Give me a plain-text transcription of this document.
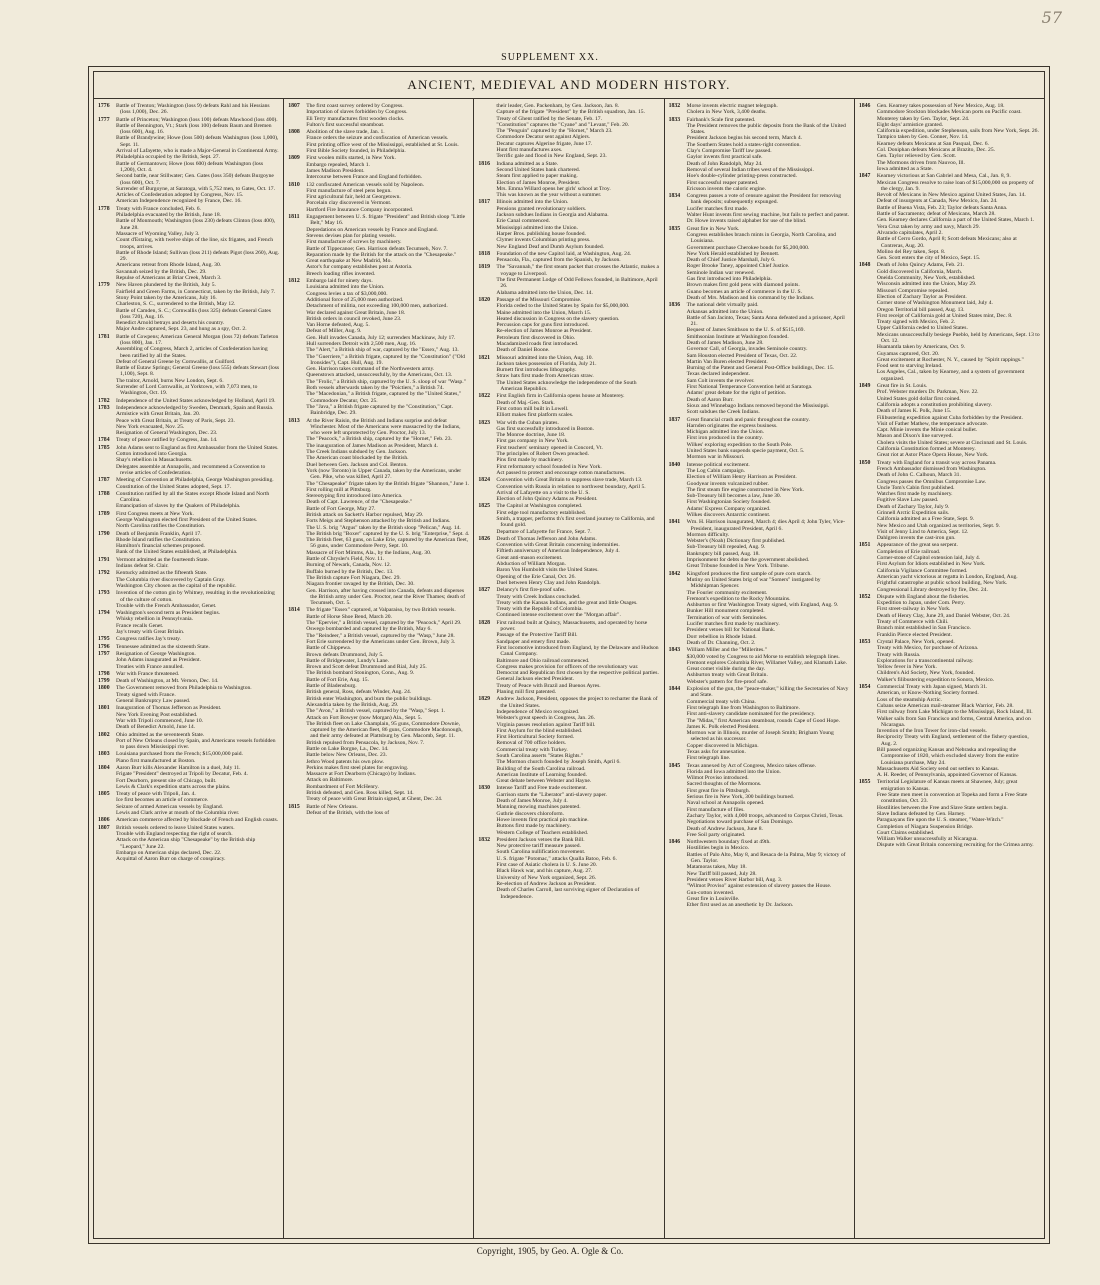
57
SUPPLEMENT XX.
ANCIENT, MEDIEVAL AND MODERN HISTORY.
1776	Battle of Trenton; Washington (loss 9) defeats Rahl and his Hessians (loss 1,000), Dec. 26.
1777	Battle of Princeton; Washington (loss 100) defeats Mawhood (loss 400).
Battle of Bennington, Vt.; Stark (loss 100) defeats Baum and Bremen (loss 600), Aug. 16.
Battle of Brandywine; Howe (loss 500) defeats Washington (loss 1,000), Sept. 11.
Arrival of Lafayette, who is made a Major-General in Continental Army.
Philadelphia occupied by the British, Sept. 27.
Battle of Germantown; Howe (loss 600) defeats Washington (loss 1,200), Oct. 4.
Second battle, near Stillwater; Gen. Gates (loss 350) defeats Burgoyne (loss 600), Oct. 7.
Surrender of Burgoyne, at Saratoga, with 5,752 men, to Gates, Oct. 17.
Articles of Confederation adopted by Congress, Nov. 15.
American Independence recognized by France, Dec. 16.
1778	Treaty with France concluded, Feb. 6.
Philadelphia evacuated by the British, June 18.
Battle of Monmouth; Washington (loss 230) defeats Clinton (loss 400), June 28.
Massacre of Wyoming Valley, July 3.
Count d'Estaing, with twelve ships of the line, six frigates, and French troops, arrives.
Battle of Rhode Island; Sullivan (loss 211) defeats Pigot (loss 260), Aug. 29.
Americans retreat from Rhode Island, Aug. 30.
Savannah seized by the British, Dec. 29.
Repulse of Americans at Briar Creek, March 3.
1779	New Haven plundered by the British, July 5.
Fairfield and Green Farms, in Connecticut, taken by the British, July 7.
Stony Point taken by the Americans, July 16.
Charleston, S. C., surrendered to the British, May 12.
Battle of Camden, S. C.; Cornwallis (loss 325) defeats General Gates (loss 720), Aug. 16.
Benedict Arnold betrays and deserts his country.
Major Andre captured, Sept. 23, and hung as a spy, Oct. 2.
1781	Battle of Cowpens; American General Morgan (loss 72) defeats Tarleton (loss 800), Jan. 17.
Assembling of Congress, March 2, articles of Confederation having been ratified by all the States.
Defeat of General Greene by Cornwallis, at Guilford.
Battle of Eutaw Springs; General Greene (loss 555) defeats Stewart (loss 1,100), Sept. 8.
The traitor, Arnold, burns New London, Sept. 6.
Surrender of Lord Cornwallis, at Yorktown, with 7,073 men, to Washington, Oct. 19.
1782	Independence of the United States acknowledged by Holland, April 19.
1783	Independence acknowledged by Sweden, Denmark, Spain and Russia.
Armistice with Great Britain, Jan. 20.
Peace with Great Britain, at Treaty of Paris, Sept. 23.
New York evacuated, Nov. 25.
Resignation of General Washington, Dec. 23.
1784	Treaty of peace ratified by Congress, Jan. 14.
1785	John Adams sent to England as first Ambassador from the United States.
Cotton introduced into Georgia.
Shay's rebellion in Massachusetts.
Delegates assemble at Annapolis, and recommend a Convention to revise articles of Confederation.
1787	Meeting of Convention at Philadelphia, George Washington presiding.
Constitution of the United States adopted, Sept. 17.
1788	Constitution ratified by all the States except Rhode Island and North Carolina.
Emancipation of slaves by the Quakers of Philadelphia.
1789	First Congress meets at New York.
George Washington elected first President of the United States.
North Carolina ratifies the Constitution.
1790	Death of Benjamin Franklin, April 17.
Rhode Island ratifies the Constitution.
Hamilton's financial schemes proposed.
Bank of the United States established, at Philadelphia.
1791	Vermont admitted as the fourteenth State.
Indians defeat St. Clair.
1792	Kentucky admitted as the fifteenth State.
The Columbia river discovered by Captain Gray.
Washington City chosen as the capital of the republic.
1793	Invention of the cotton gin by Whitney, resulting in the revolutionizing of the culture of cotton.
Trouble with the French Ambassador, Genet.
1794	Washington's second term as President begins.
Whisky rebellion in Pennsylvania.
France recalls Genet.
Jay's treaty with Great Britain.
1795	Congress ratifies Jay's treaty.
1796	Tennessee admitted as the sixteenth State.
1797	Resignation of George Washington.
John Adams inaugurated as President.
Treaties with France annulled.
1798	War with France threatened.
1799	Death of Washington, at Mt. Vernon, Dec. 14.
1800	The Government removed from Philadelphia to Washington.
Treaty signed with France.
General Bankruptcy Law passed.
1801	Inauguration of Thomas Jefferson as President.
New York Evening Post established.
War with Tripoli commenced, June 10.
Death of Benedict Arnold, June 14.
1802	Ohio admitted as the seventeenth State.
Port of New Orleans closed by Spain, and Americans vessels forbidden to pass down Mississippi river.
1803	Louisiana purchased from the French; $15,000,000 paid.
Piano first manufactured at Boston.
1804	Aaron Burr kills Alexander Hamilton in a duel, July 11.
Frigate "President" destroyed at Tripoli by Decatur, Feb. 4.
Fort Dearborn, present site of Chicago, built.
Lewis & Clark's expedition starts across the plains.
1805	Treaty of peace with Tripoli, Jan. 4.
Ice first becomes an article of commerce.
Seizure of armed American vessels by England.
Lewis and Clark arrive at mouth of the Columbia river.
1806	American commerce affected by blockade of French and English coasts.
1807	British vessels ordered to leave United States waters.
Trouble with England respecting the right of search.
Attack on the American ship "Chesapeake" by the British ship "Leopard," June 22.
Embargo on American ships declared, Dec. 22.
Acquittal of Aaron Burr on charge of conspiracy.
1807	The first coast survey ordered by Congress.
Importation of slaves forbidden by Congress.
Eli Terry manufactures first wooden clocks.
Fulton's first successful steamboat.
1808	Abolition of the slave trade, Jan. 1.
France orders the seizure and confiscation of American vessels.
First printing office west of the Mississippi, established at St. Louis.
First Bible Society founded, in Philadelphia.
1809	First woolen mills started, in New York.
Embargo repealed, March 1.
James Madison President.
Intercourse between France and England forbidden.
1810	132 confiscated American vessels sold by Napoleon.
First manufacture of steel pens begun.
First agricultural fair, held at Georgetown.
Porcelain clay discovered in Vermont.
Hartford Fire Insurance Company incorporated.
1811	Engagement between U. S. frigate "President" and British sloop "Little Belt," May 16.
Depredations on American vessels by France and England.
Stevens devises plan for plating vessels.
First manufacture of screws by machinery.
Battle of Tippecanoe; Gen. Harrison defeats Tecumseh, Nov. 7.
Reparation made by the British for the attack on the "Chesapeake."
Great earthquake at New Madrid, Mo.
Astor's fur company establishes post at Astoria.
Breech loading rifles invented.
1812	Embargo laid for ninety days.
Louisiana admitted into the Union.
Congress levies a tax of $3,000,000.
Additional force of 25,000 men authorized.
Detachment of militia, not exceeding 100,000 men, authorized.
War declared against Great Britain, June 18.
British orders in council revoked, June 23.
Van Horne defeated, Aug. 5.
Defeat of Miller, Aug. 9.
Gen. Hull invades Canada, July 12; surrenders Mackinaw, July 17.
Hull surrenders Detroit with 2,500 men, Aug. 16.
The "Alert," a British ship of war, captured by the "Essex," Aug. 13.
The "Guerriere," a British frigate, captured by the "Constitution" ("Old Ironsides"), Capt. Hull, Aug. 19.
Gen. Harrison takes command of the Northwestern army.
Queenstown attacked, unsuccessfully, by the Americans, Oct. 13.
The "Frolic," a British ship, captured by the U. S. sloop of war "Wasp."
Both vessels afterwards taken by the "Poictiers," a British 74.
The "Macedonian," a British frigate, captured by the "United States," Commodore Decatur, Oct. 25.
The "Java," a British frigate captured by the "Constitution," Capt. Bainbridge, Dec. 29.
1813	At the River Raisin, the British and Indians surprise and defeat Winchester. Most of the Americans were massacred by the Indians, who were left unprotected by Gen. Proctor, July 13.
The "Peacock," a British ship, captured by the "Hornet," Feb. 23.
The inauguration of James Madison as President, March 4.
The Creek Indians subdued by Gen. Jackson.
The American coast blockaded by the British.
Duel between Gen. Jackson and Col. Benton.
York (now Toronto) in Upper Canada, taken by the Americans, under Gen. Pike, who was killed, April 27.
The "Chesapeake" frigate taken by the British frigate "Shannon," June 1.
First rolling mill at Pittsburg.
Stereotyping first introduced into America.
Death of Capt. Lawrence, of the "Chesapeake."
Battle of Fort George, May 27.
British attack on Sackett's Harbor repulsed, May 29.
Forts Meigs and Stephenson attacked by the British and Indians.
The U. S. brig "Argus" taken by the British sloop "Pelican," Aug. 14.
The British brig "Boxer" captured by the U. S. brig "Enterprise," Sept. 4.
The British fleet, 63 guns, on Lake Erie, captured by the American fleet, 56 guns, under Commodore Perry, Sept. 10.
Massacre of Fort Mimms, Ala., by the Indians, Aug. 30.
Battle of Chrysler's Field, Nov. 11.
Burning of Newark, Canada, Nov. 12.
Buffalo burned by the British, Dec. 13.
The British capture Fort Niagara, Dec. 29.
Niagara frontier ravaged by the British, Dec. 30.
Gen. Harrison, after having crossed into Canada, defeats and disperses the British army under Gen. Proctor, near the River Thames; death of Tecumseh, Oct. 5.
1814	The frigate "Essex" captured, at Valparaiso, by two British vessels.
Battle of Horse Shoe Bend, March 20.
The "Epervier," a British vessel, captured by the "Peacock," April 29.
Oswego bombarded and captured by the British, May 6.
The "Reindeer," a British vessel, captured by the "Wasp," June 28.
Fort Erie surrendered by the Americans under Gen. Brown, July 3.
Battle of Chippewa.
Brown defeats Drummond, July 5.
Battle of Bridgewater, Lundy's Lane.
Brown and Scott defeat Drummond and Rial, July 25.
The British bombard Stonington, Conn., Aug. 9.
Battle of Fort Erie, Aug. 15.
Battle of Bladensburg.
British general, Ross, defeats Winder, Aug. 24.
British enter Washington, and burn the public buildings.
Alexandria taken by the British, Aug. 29.
The "Avon," a British vessel, captured by the "Wasp," Sept. 1.
Attack on Fort Bowyer (now Morgan) Ala., Sept. 5.
The British fleet on Lake Champlain, 95 guns, Commodore Downie, captured by the American fleet, 86 guns, Commodore Macdonough, and their army defeated at Plattsburg by Gen. Macomb, Sept. 11.
British repulsed from Pensacola, by Jackson, Nov. 7.
Battle on Lake Borgne, La., Dec. 14.
Battle below New Orleans, Dec. 23.
Jethro Wood patents his own plow.
Perkins makes first steel plates for engraving.
Massacre at Fort Dearborn (Chicago) by Indians.
Attack on Baltimore.
Bombardment of Fort McHenry.
British defeated, and Gen. Ross killed, Sept. 14.
Treaty of peace with Great Britain signed, at Ghent, Dec. 24.
1815	Battle of New Orleans.
Defeat of the British, with the loss of
their leader, Gen. Packenham, by Gen. Jackson, Jan. 8.
Capture of the frigate "President" by the British squadron, Jan. 15.
Treaty of Ghent ratified by the Senate, Feb. 17.
"Constitution" captures the "Cyane" and "Levant," Feb. 20.
The "Penguin" captured by the "Hornet," March 23.
Commodore Decatur sent against Algiers.
Decatur captures Algerine frigate, June 17.
Hunt first manufactures axes.
Terrific gale and flood in New England, Sept. 23.
1816	Indiana admitted as a State.
Second United States bank chartered.
Steam first applied to paper making.
Election of James Monroe, President.
Mrs. Emma Willard opens her girls' school at Troy.
This was known as the year without a summer.
1817	Illinois admitted into the Union.
Pensions granted revolutionary soldiers.
Jackson subdues Indians in Georgia and Alabama.
Erie Canal commenced.
Mississippi admitted into the Union.
Harper Bros. publishing house founded.
Clymer invents Columbian printing press.
New England Deaf and Dumb Asylum founded.
1818	Foundation of the new Capitol laid, at Washington, Aug. 24.
Pensacola, Fla., captured from the Spanish, by Jackson.
1819	The "Savannah," the first steam packet that crosses the Atlantic, makes a voyage to Liverpool.
The first Permanent Lodge of Odd Fellows founded, in Baltimore, April 26.
Alabama admitted into the Union, Dec. 14.
1820	Passage of the Missouri Compromise.
Florida ceded to the United States by Spain for $5,000,000.
Maine admitted into the Union, March 15.
Heated discussion in Congress on the slavery question.
Percussion caps for guns first introduced.
Re-election of James Monroe as President.
Petroleum first discovered in Ohio.
Macadamized roads first introduced.
Death of Daniel Boone.
1821	Missouri admitted into the Union, Aug. 10.
Jackson takes possession of Florida, July 21.
Burnett first introduces lithography.
Straw hats first made from American straw.
The United States acknowledge the independence of the South American Republics.
1822	First English firm in California opens house at Monterey.
Death of Maj.-Gen. Stark.
First cotton mill built in Lowell.
Elliott makes first platform scales.
1823	War with the Cuban pirates.
Gas first successfully introduced in Boston.
The Monroe doctrine, June 18.
First gas company in New York.
First teachers' seminary opened in Concord, Vt.
The principles of Robert Owen preached.
Pins first made by machinery.
First reformatory school founded in New York.
Act passed to protect and encourage cotton manufactures.
1824	Convention with Great Britain to suppress slave trade, March 13.
Convention with Russia in relation to northwest boundary, April 5.
Arrival of Lafayette on a visit to the U. S.
Election of John Quincy Adams as President.
1825	The Capitol at Washington completed.
First edge tool manufactory established.
Smith, a trapper, performs th's first overland journey to California, and found gold.
Departure of Lafayette for France, Sept. 7.
1826	Death of Thomas Jefferson and John Adams.
Convention with Great Britain concerning indemnities.
Fiftieth anniversary of American Independence, July 4.
Great anti-mason excitement.
Abduction of William Morgan.
Baron Von Humboldt visits the United States.
Opening of the Erie Canal, Oct. 26.
Duel between Henry Clay and John Randolph.
1827	Delancy's first fire-proof safes.
Treaty with Creek Indians concluded.
Treaty with the Kansas Indians, and the great and little Osages.
Treaty with the Republic of Colombia.
Continued intense excitement over the "Morgan affair".
1828	First railroad built at Quincy, Massachusetts, and operated by horse power.
Passage of the Protective Tariff Bill.
Sandpaper and emery first made.
First locomotive introduced from England, by the Delaware and Hudson Canal Company.
Baltimore and Ohio railroad commenced.
Congress makes provision for officers of the revolutionary war.
Democrat and Republican first chosen by the respective political parties.
General Jackson elected President.
Treaty of Peace with Brazil and Buenos Ayres.
Planing mill first patented.
1829	Andrew Jackson, President, opposes the project to recharter the Bank of the United States.
Independence of Mexico recognized.
Webster's great speech in Congress, Jan. 26.
Virginia passes resolution against Tariff bill.
First Asylum for the blind established.
First Horticultural Society formed.
Removal of 700 office holders.
Commercial treaty with Turkey.
South Carolina asserts "States Rights."
The Mormon church founded by Joseph Smith, April 6.
Building of the South Carolina railroad.
American Institute of Learning founded.
Great debate between Webster and Hayne.
1830	Intense Tariff and Free trade excitement.
Garrison starts the "Liberator" anti-slavery paper.
Death of James Monroe, July 4.
Manning mowing machines patented.
Guthrie discovers chloroform.
Howe invents first practical pin machine.
Buttons first made by machinery.
Western College of Teachers established.
1832	President Jackson vetoes the Bank Bill.
New protective tariff measure passed.
South Carolina nullification movement.
U. S. frigate "Potomac," attacks Qualla Batoo, Feb. 6.
First case of Asiatic cholera in U. S. June 20.
Black Hawk war, and his capture, Aug. 27.
University of New York organized, Sept. 26.
Re-election of Andrew Jackson as President.
Death of Charles Carroll, last surviving signer of Declaration of Independence.
1832	Morse invents electric magnet telegraph.
Cholera in New York, 3,400 deaths.
1833	Fairbank's Scale first patented.
The President removes the public deposits from the Bank of the United States.
President Jackson begins his second term, March 4.
The Southern States hold a states-right convention.
Clay's Compromise Tariff law passed.
Gaylor invents first practical safe.
Death of John Randolph, May 24.
Removal of several Indian tribes west of the Mississippi.
Hoe's double-cylinder printing-press constructed.
First successful reaper patented.
Ericsson invents the caloric engine.
1834	Congress passes a vote of censure against the President for removing bank deposits; subsequently expunged.
Lucifer matches first made.
Walter Hunt invents first sewing machine, but fails to perfect and patent.
Dr. Howe invents raised alphabet for use of the blind.
1835	Great fire in New York.
Congress establishes branch mints in Georgia, North Carolina, and Louisiana.
Government purchase Cherokee bonds for $5,200,000.
New York Herald established by Bennett.
Death of Chief Justice Marshall, July 6.
Roger Brooke Taney, appointed Chief Justice.
Seminole Indian war renewed.
Gas first introduced into Philadelphia.
Brown makes first gold pens with diamond points.
Guano becomes an article of commerce in the U. S.
Death of Mrs. Madison and his command by the Indians.
1836	The national debt virtually paid.
Arkansas admitted into the Union.
Battle of San Jacinto, Texas; Santa Anna defeated and a prisoner, April 21.
Bequest of James Smithson to the U. S. of $515,169.
Smithsonian Institute at Washington founded.
Death of James Madison, June 28.
Governor Call, of Georgia, invades Seminole country.
Sam Houston elected President of Texas, Oct. 22.
Martin Van Buren elected President.
Burning of the Patent and General Post-Office buildings, Dec. 15.
Texas declared independent.
Sam Colt invents the revolver.
First National Temperance Convention held at Saratoga.
Adams' great debate for the right of petition.
Death of Aaron Burr.
Sioux and Winnebago Indians removed beyond the Mississippi.
Scott subdues the Creek Indians.
1837	Great financial crash and panic throughout the country.
Harnden originates the express business.
Michigan admitted into the Union.
First iron produced in the country.
Wilkes' exploring expedition to the South Pole.
United States bank suspends specie payment, Oct. 5.
Mormon war in Missouri.
1840	Intense political excitement.
The Log Cabin campaign.
Election of William Henry Harrison as President.
Goodyear invents vulcanized rubber.
The first steam fire engine constructed in New York.
Sub-Treasury bill becomes a law, June 30.
First Washingtonian Society founded.
Adams' Express Company organized.
Wilkes discovers Antarctic continent.
1841	Wm. H. Harrison inaugurated, March 4; dies April 4; John Tyler, Vice-President, inaugurated President, April 6.
Mormon difficulty.
Webster's (Noah) Dictionary first published.
Sub-Treasury bill repealed, Aug. 9.
Bankruptcy bill passed, Aug. 18.
Imprisonment for debts due the government abolished.
Great Tribune founded in New York. Tribune.
1842	Kingsford produces the first sample of pure corn starch.
Mutiny on United States brig of war "Somers" instigated by Midshipman Spencer.
The Fourier community excitement.
Fremont's expedition to the Rocky Mountains.
Ashburton or first Washington Treaty signed, with England, Aug. 9.
Bunker Hill monument completed.
Termination of war with Seminoles.
Lucifer matches first made by machinery.
President vetoes bill for National Bank.
Dorr rebellion in Rhode Island.
Death of Dr. Channing, Oct. 2.
1843	William Miller and the "Millerites."
$30,000 voted by Congress to aid Morse to establish telegraph lines.
Fremont explores Columbia River, Willamet Valley, and Klamath Lake.
Great comet visible during the day.
Ashburton treaty with Great Britain.
Webster's pattern for fire-proof safe.
1844	Explosion of the gun, the "peace-maker," killing the Secretaries of Navy and State.
Commercial treaty with China.
First telegraph line from Washington to Baltimore.
First anti-slavery candidate nominated for the presidency.
The "Midas," first American steamboat, rounds Cape of Good Hope.
James K. Polk elected President.
Mormon war in Illinois, murder of Joseph Smith; Brigham Young selected as his successor.
Copper discovered in Michigan.
Texas asks for annexation.
First telegraph line.
1845	Texas annexed by Act of Congress, Mexico takes offense.
Florida and Iowa admitted into the Union.
Wilmot Proviso introduced.
Sacred thoughts of the Mormons.
First great fire in Pittsburgh.
Serious fire in New York, 300 buildings burned.
Naval school at Annapolis opened.
First manufacture of files.
Zachary Taylor, with 4,000 troops, advanced to Corpus Christi, Texas.
Negotiations toward purchase of San Domingo.
Death of Andrew Jackson, June 8.
Free Soil party originated.
1846	Northwestern boundary fixed at 49th.
Hostilities begin in Mexico.
Battles of Palo Alto, May 8, and Resaca de la Palma, May 9; victory of Gen. Taylor.
Matamoras taken, May 18.
New Tariff bill passed, July 28.
President vetoes River Harbor bill, Aug. 3.
"Wilmot Proviso" against extension of slavery passes the House.
Gun-cotton invented.
Great fire in Louisville.
Ether first used as an anesthetic by Dr. Jackson.
1846	Gen. Kearney takes possession of New Mexico, Aug. 18.
Commodore Stockton blockades Mexican ports on Pacific coast.
Monterey taken by Gen. Taylor, Sept. 24.
Eight days' armistice granted.
California expedition, under Stephenson, sails from New York, Sept. 26.
Tampico taken by Gen. Conner, Nov. 14.
Kearney defeats Mexicans at San Pasqual, Dec. 6.
Col. Doniphan defeats Mexicans at Brazito, Dec. 25.
Gen. Taylor relieved by Gen. Scott.
The Mormons driven from Nauvoo, Ill.
Iowa admitted as a State.
1847	Kearney victorious at San Gabriel and Mesa, Cal., Jan. 8, 9.
Mexican Congress resolve to raise loan of $15,000,000 on property of the clergy, Jan. 9.
Revolt of Mexicans in New Mexico against United States, Jan. 14.
Defeat of insurgents at Canada, New Mexico, Jan. 24.
Battle of Buena Vista, Feb. 23; Taylor defeats Santa Anna.
Battle of Sacramento; defeat of Mexicans, March 28.
Gen. Kearney declares California a part of the United States, March 1.
Vera Cruz taken by army and navy, March 29.
Alvarado capitulates, April 2.
Battle of Cerro Gordo, April 8; Scott defeats Mexicans; also at Contreras, Aug. 20.
Molino del Rey taken, Sept. 8.
Gen. Scott enters the city of Mexico, Sept. 15.
1848	Death of John Quincy Adams, Feb. 21.
Gold discovered in California, March.
Oneida Community, New York, established.
Wisconsin admitted into the Union, May 29.
Missouri Compromise repealed.
Election of Zachary Taylor as President.
Corner stone of Washington Monument laid, July 4.
Oregon Territorial bill passed, Aug. 13.
First receipt of California gold at United States mint, Dec. 8.
Treaty signed with Mexico, Feb. 2.
Upper California ceded to United States.
Mexicans unsuccessfully besiege Pueblo, held by Americans, Sept. 13 to Oct. 12.
Huamantla taken by Americans, Oct. 9.
Guyamas captured, Oct. 20.
Great excitement at Rochester, N. Y., caused by "Spirit rappings."
Food sent to starving Ireland.
Los Angeles, Cal., taken by Kearney, and a system of government organized.
1849	Great fire in St. Louis.
Prof. Webster murders Dr. Parkman, Nov. 22.
United States gold dollar first coined.
California adopts a constitution prohibiting slavery.
Death of James K. Polk, June 15.
Filibustering expedition against Cuba forbidden by the President.
Visit of Father Mathew, the temperance advocate.
Capt. Minie invents the Minie conical bullet.
Mason and Dixon's line surveyed.
Cholera visits the United States; severe at Cincinnati and St. Louis.
California Constitution formed at Monterey.
Great riot at Astor Place Opera House, New York.
1850	Treaty with England for a transit way across Panama.
French Ambassador dismissed from Washington.
Death of John C. Calhoun, March 31.
Congress passes the Omnibus Compromise Law.
Uncle Tom's Cabin first published.
Watches first made by machinery.
Fugitive Slave Law passed.
Death of Zachary Taylor, July 9.
Grinnell Arctic Expedition sails.
California admitted as a Free State, Sept. 9.
New Mexico and Utah organized as territories, Sept. 9.
Visit of Jenny Lind to America, Sept. 12.
Dahlgren invents the cast-iron gun.
1851	Appearance of the great sea serpent.
Completion of Erie railroad.
Corner-stone of Capitol extension laid, July 4.
First Asylum for Idiots established in New York.
California Vigilance Committee formed.
American yacht victorious at regatta in London, England, Aug.
Frightful catastrophe at public school building, New York.
Congressional Library destroyed by fire, Dec. 24.
1852	Dispute with England about the fisheries.
Expedition to Japan, under Com. Perry.
First street-railway in New York.
Death of Henry Clay, June 29, and Daniel Webster, Oct. 24.
Treaty of Commerce with Chili.
Branch mint established in San Francisco.
Franklin Pierce elected President.
1853	Crystal Palace, New York, opened.
Treaty with Mexico, for purchase of Arizona.
Treaty with Russia.
Explorations for a transcontinental railway.
Yellow fever in New York.
Children's Aid Society, New York, founded.
Walker's filibustering expedition to Sonora, Mexico.
1854	Commercial Treaty with Japan signed, March 31.
American, or Know-Nothing Society formed.
Loss of the steamship Arctic.
Cubans seize American mail-steamer Black Warrior, Feb. 28.
First railway from Lake Michigan to the Mississippi, Rock Island, Ill.
Walker sails from San Francisco and forms, Central America, and on Nicaragua.
Invention of the Iron Tower for iron-clad vessels.
Reciprocity Treaty with England, settlement of the fishery question, Aug. 2.
Bill passed organizing Kansas and Nebraska and repealing the Compromise of 1820, which excluded slavery from the entire Louisiana purchase, May 24.
Massachusetts Aid Society send out settlers to Kansas.
A. H. Reeder, of Pennsylvania, appointed Governor of Kansas.
1855	Territorial Legislature of Kansas meets at Shawnee, July; great emigration to Kansas.
Free State men meet in convention at Topeka and form a Free State constitution, Oct. 23.
Hostilities between the Free and Slave State settlers begin.
Slave Indians defeated by Gen. Harney.
Paraguayans fire upon the U. S. steamer, "Water-Witch."
Completion of Niagara Suspension Bridge.
Court Claims established.
William Walker unsuccessfully at Nicaragua.
Dispute with Great Britain concerning recruiting for the Crimea army.
Copyright, 1905, by Geo. A. Ogle & Co.
